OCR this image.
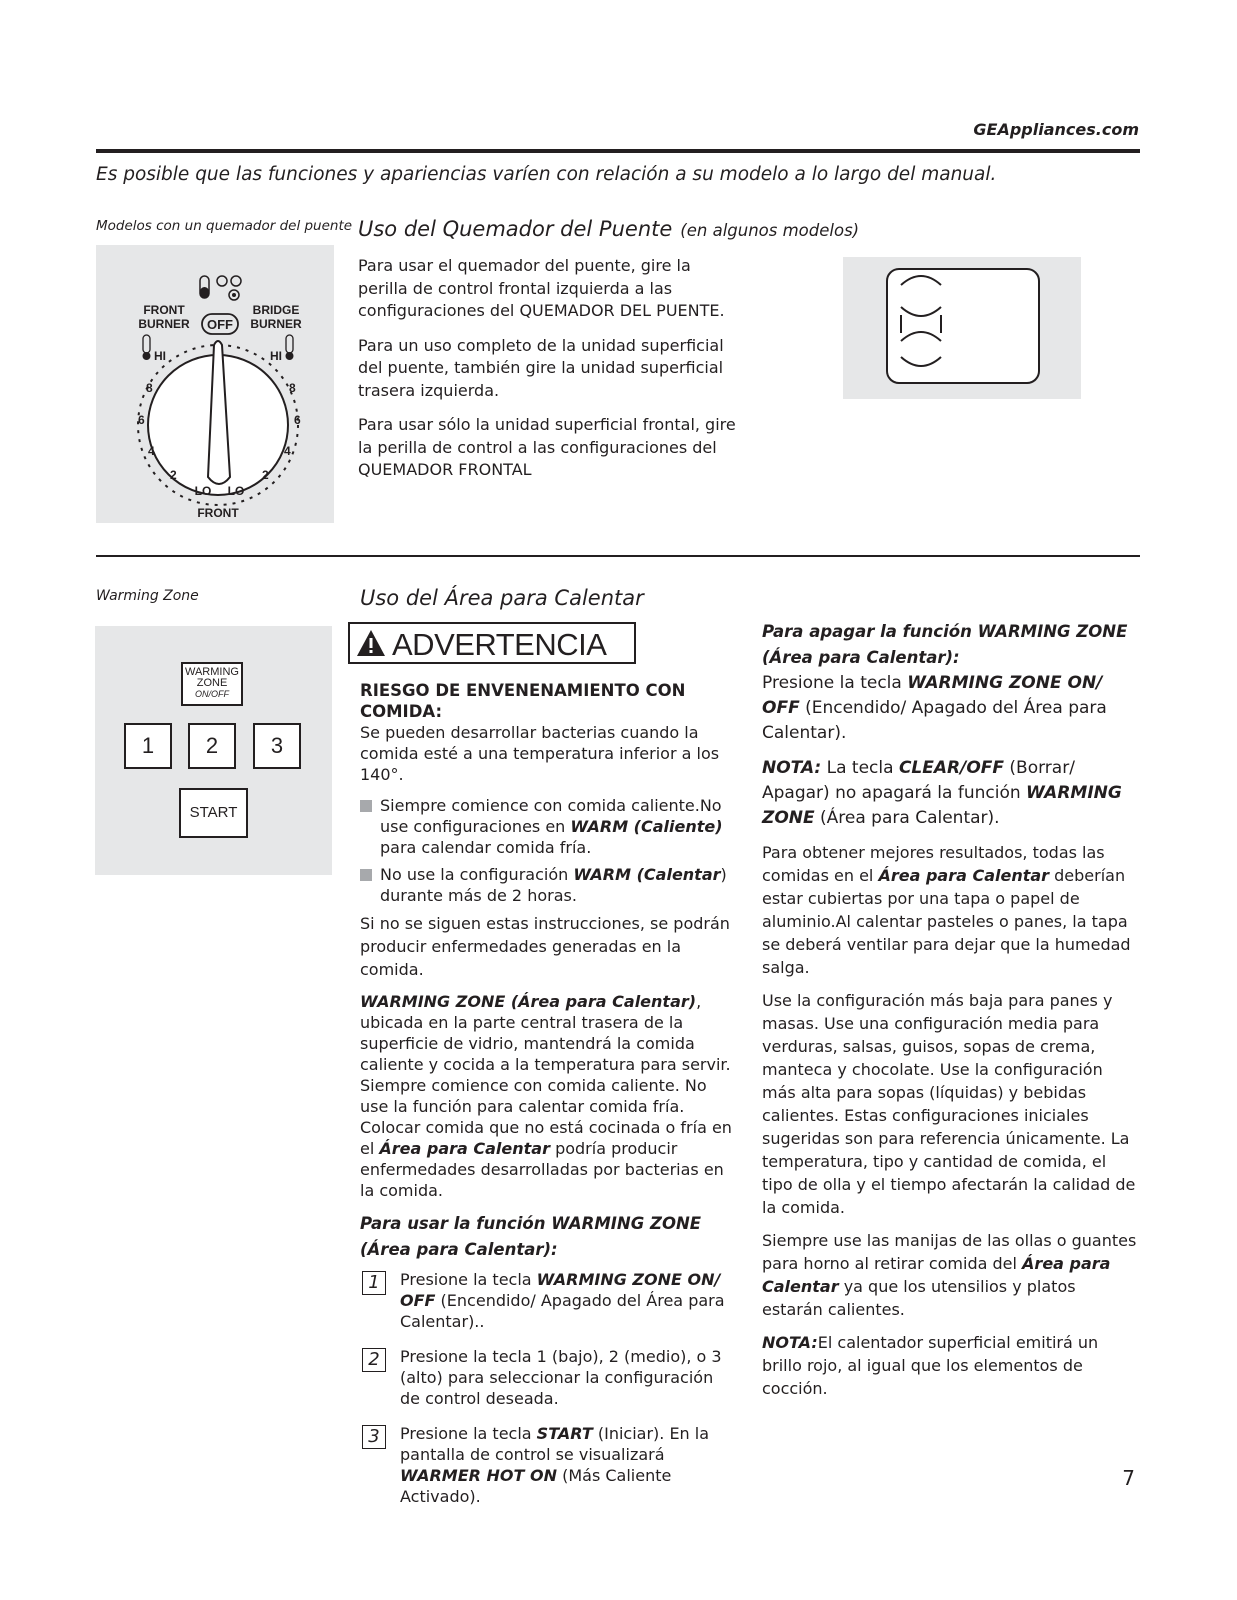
GEAppliances.com
Es posible que las funciones y apariencias varíen con relación a su modelo a lo largo del manual.
Modelos con un quemador del puente Uso del Quemador del Puente (en algunos modelos)
FRONT
BURNER
BRIDGE
BURNER
OFF
HI	HI
8
6
4
2
8
6
4
2
LO LO
FRONT

Para usar el quemador del puente, gire la perilla de control frontal izquierda a las configuraciones del QUEMADOR DEL PUENTE.

Para un uso completo de la unidad superficial del puente, también gire la unidad superficial trasera izquierda.

Para usar sólo la unidad superficial frontal, gire la perilla de control a las configuraciones del QUEMADOR FRONTAL

Warming Zone	Uso del Área para Calentar
WARMING
ZONE
ON/OFF
1	2	3
START
ADVERTENCIA
RIESGO DE ENVENENAMIENTO CON COMIDA:

Se pueden desarrollar bacterias cuando la comida esté a una temperatura inferior a los 140°.

Siempre comience con comida caliente.No use configuraciones en WARM (Caliente) para calendar comida fría.
No use la configuración WARM (Calentar) durante más de 2 horas.

Si no se siguen estas instrucciones, se podrán producir enfermedades generadas en la comida.

WARMING ZONE (Área para Calentar), ubicada en la parte central trasera de la superficie de vidrio, mantendrá la comida caliente y cocida a la temperatura para servir. Siempre comience con comida caliente. No use la función para calentar comida fría. Colocar comida que no está cocinada o fría en el Área para Calentar podría producir enfermedades desarrolladas por bacterias en la comida.

Para usar la función WARMING ZONE (Área para Calentar):
1	Presione la tecla WARMING ZONE ON/ OFF (Encendido/ Apagado del Área para Calentar)..
2	Presione la tecla 1 (bajo), 2 (medio), o 3 (alto) para seleccionar la configuración de control deseada.
3	Presione la tecla START (Iniciar). En la pantalla de control se visualizará WARMER HOT ON (Más Caliente Activado).
Para apagar la función WARMING ZONE (Área para Calentar):

Presione la tecla WARMING ZONE ON/ OFF (Encendido/ Apagado del Área para Calentar).

NOTA: La tecla CLEAR/OFF (Borrar/ Apagar) no apagará la función WARMING ZONE (Área para Calentar).

Para obtener mejores resultados, todas las comidas en el Área para Calentar deberían estar cubiertas por una tapa o papel de aluminio.Al calentar pasteles o panes, la tapa se deberá ventilar para dejar que la humedad salga.

Use la configuración más baja para panes y masas. Use una configuración media para verduras, salsas, guisos, sopas de crema, manteca y chocolate. Use la configuración más alta para sopas (líquidas) y bebidas calientes. Estas configuraciones iniciales sugeridas son para referencia únicamente. La temperatura, tipo y cantidad de comida, el tipo de olla y el tiempo afectarán la calidad de la comida.

Siempre use las manijas de las ollas o guantes para horno al retirar comida del Área para Calentar ya que los utensilios y platos estarán calientes.

NOTA:El calentador superficial emitirá un brillo rojo, al igual que los elementos de cocción.

7
